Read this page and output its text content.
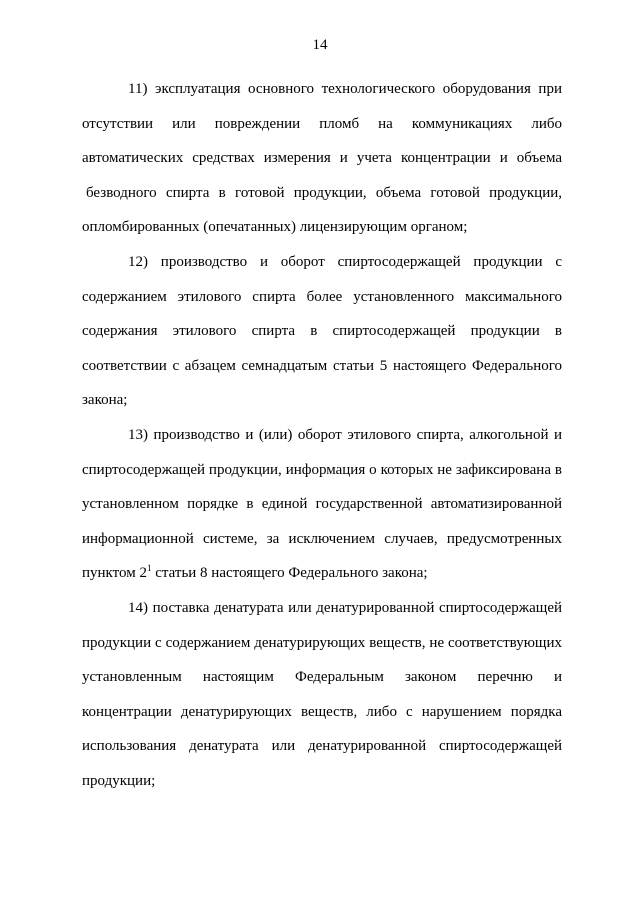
14
11) эксплуатация основного технологического оборудования при
отсутствии или повреждении пломб на коммуникациях либо
автоматических средствах измерения и учета концентрации и объема
безводного спирта в готовой продукции, объема готовой продукции,
опломбированных (опечатанных) лицензирующим органом;
12) производство и оборот спиртосодержащей продукции с
содержанием этилового спирта более установленного максимального
содержания этилового спирта в спиртосодержащей продукции в
соответствии с абзацем семнадцатым статьи 5 настоящего Федерального
закона;
13) производство и (или) оборот этилового спирта, алкогольной и
спиртосодержащей продукции, информация о которых не зафиксирована в
установленном порядке в единой государственной автоматизированной
информационной системе, за исключением случаев, предусмотренных
пунктом $2^1$ статьи 8 настоящего Федерального закона;
14) поставка денатурата или денатурированной спиртосодержащей
продукции с содержанием денатурирующих веществ, не соответствующих
установленным настоящим Федеральным законом перечню и
концентрации денатурирующих веществ, либо с нарушением порядка
использования денатурата или денатурированной спиртосодержащей
продукции;
